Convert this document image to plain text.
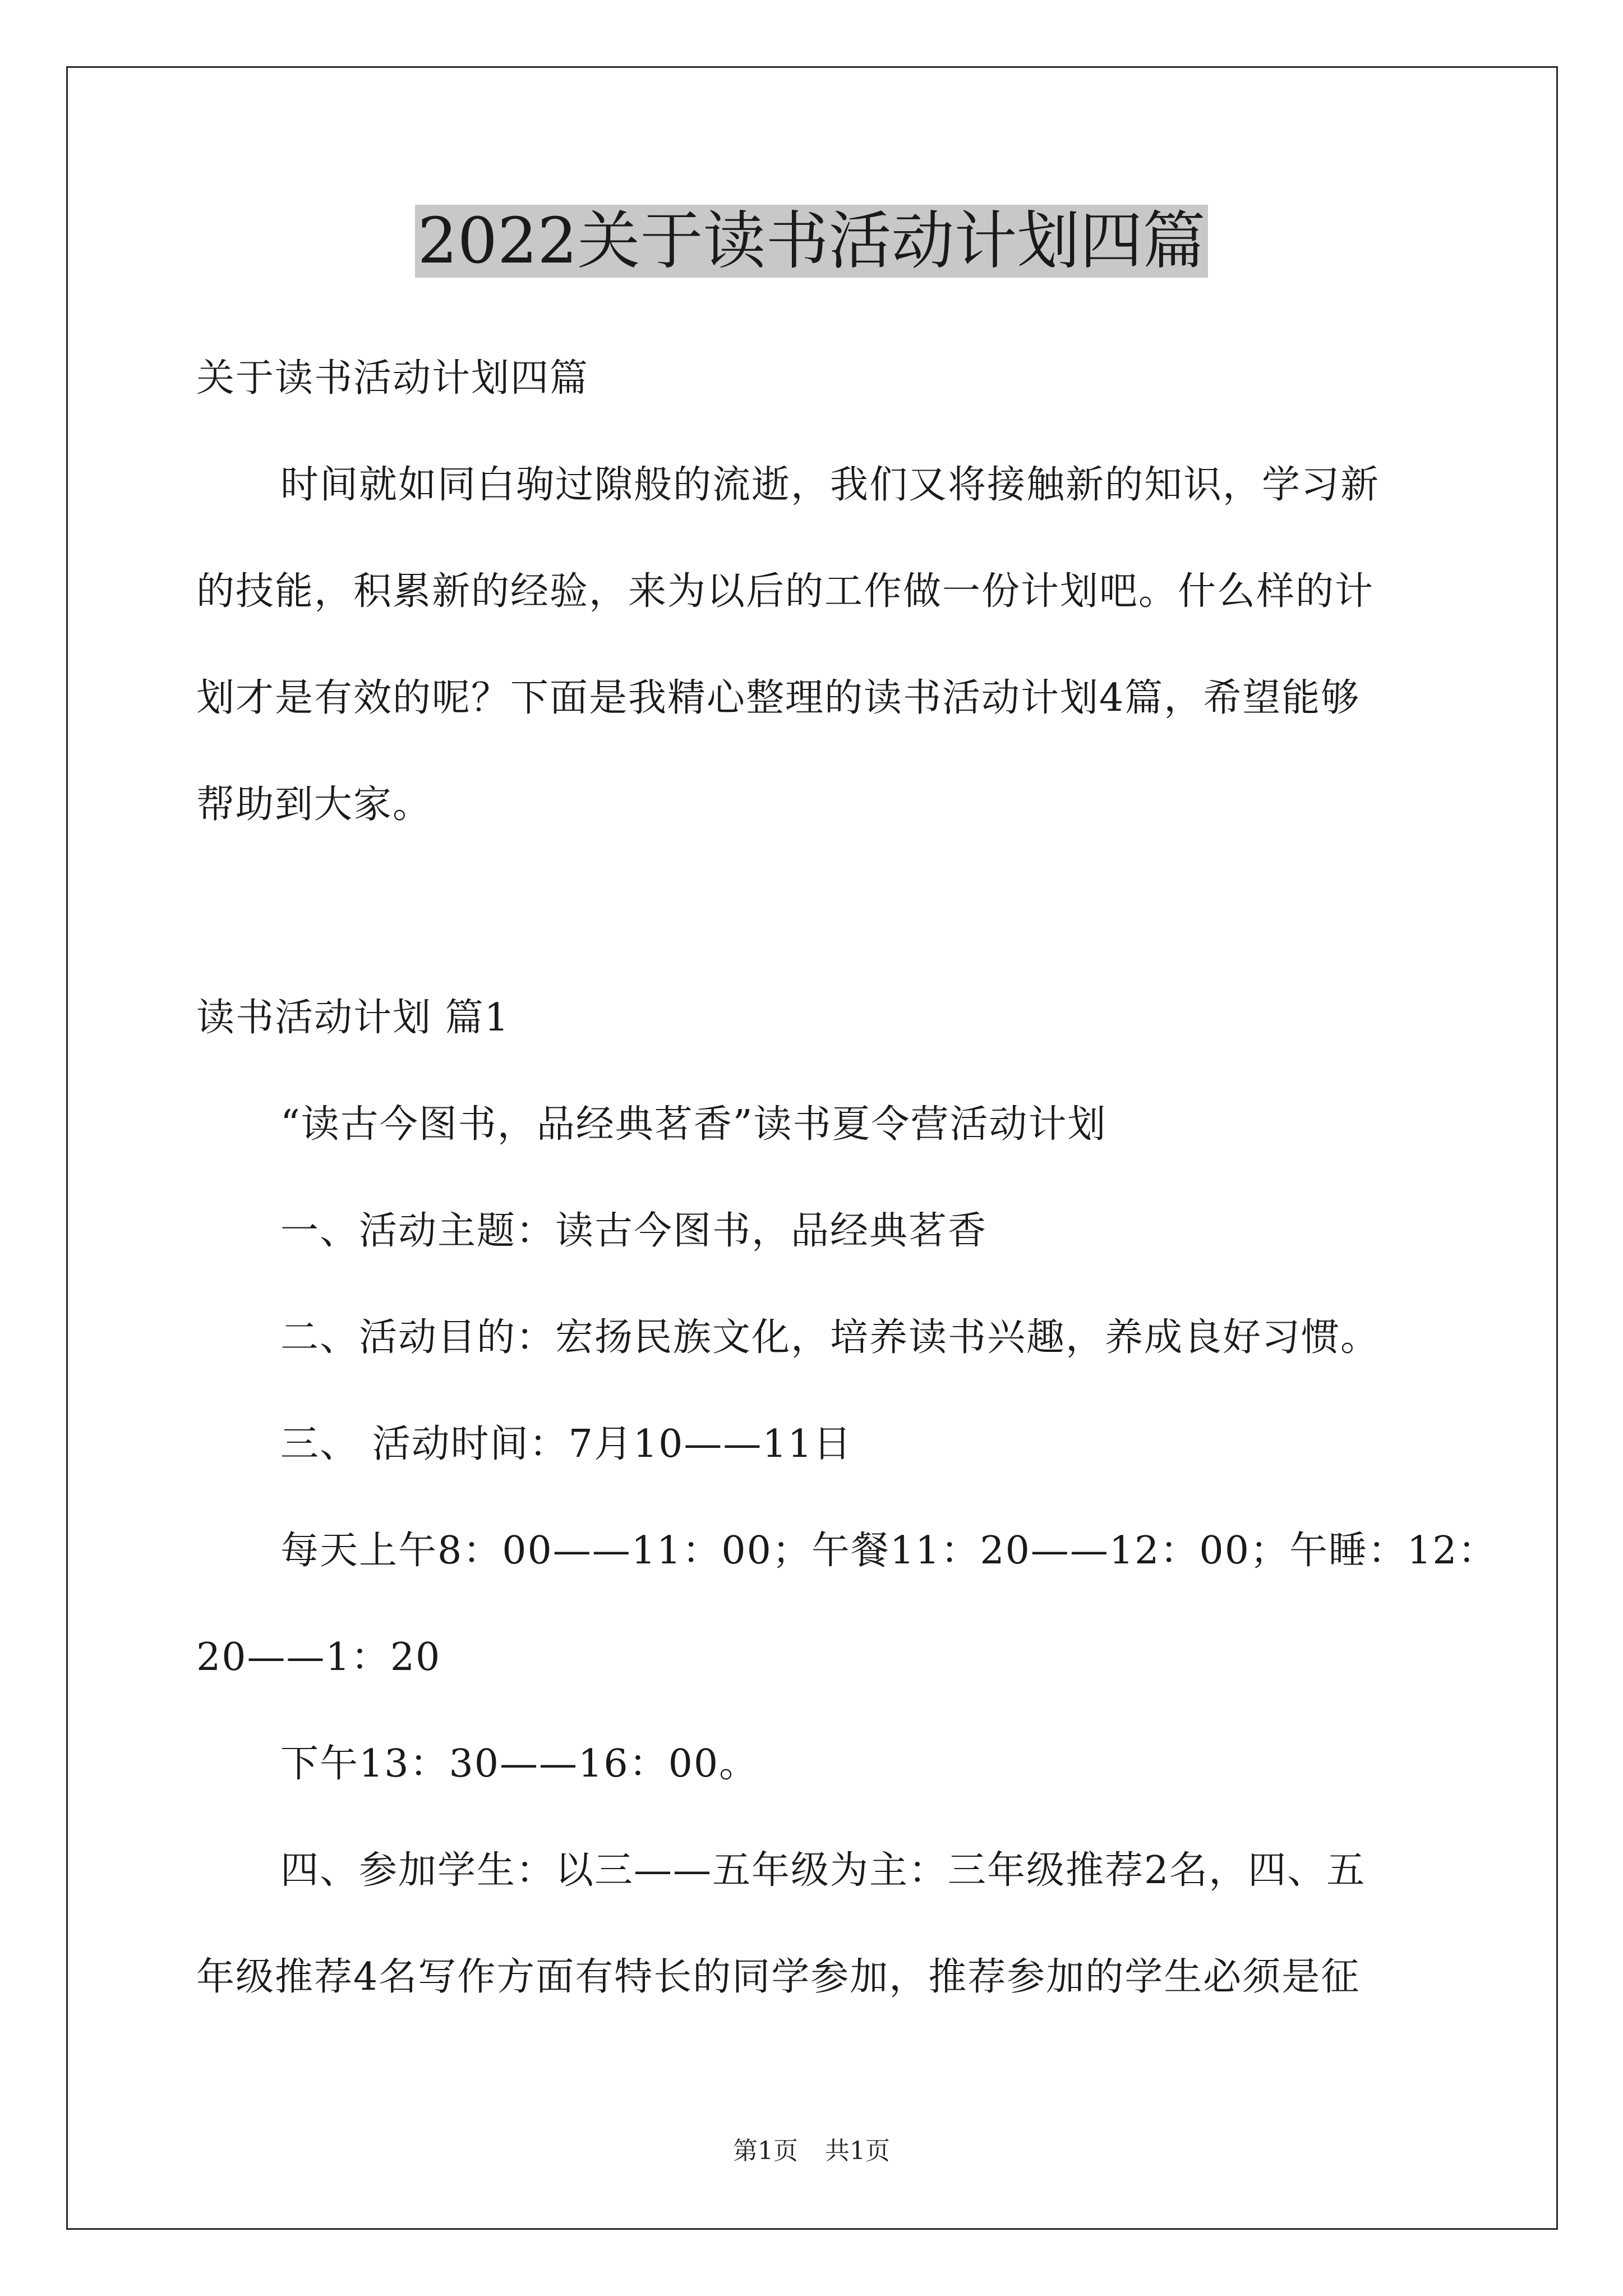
2022关于读书活动计划四篇
关于读书活动计划四篇
时间就如同白驹过隙般的流逝，我们又将接触新的知识，学习新
的技能，积累新的经验，来为以后的工作做一份计划吧。什么样的计
划才是有效的呢？下面是我精心整理的读书活动计划4篇，希望能够
帮助到大家。
读书活动计划 篇1
“读古今图书，品经典茗香”读书夏令营活动计划
一、活动主题：读古今图书，品经典茗香
二、活动目的：宏扬民族文化，培养读书兴趣，养成良好习惯。
三、 活动时间：7月10——11日
每天上午8：00——11：00；午餐11：20——12：00；午睡：12：
20——1：20
下午13：30——16：00。
四、参加学生：以三——五年级为主：三年级推荐2名，四、五
年级推荐4名写作方面有特长的同学参加，推荐参加的学生必须是征
第1页 共1页
